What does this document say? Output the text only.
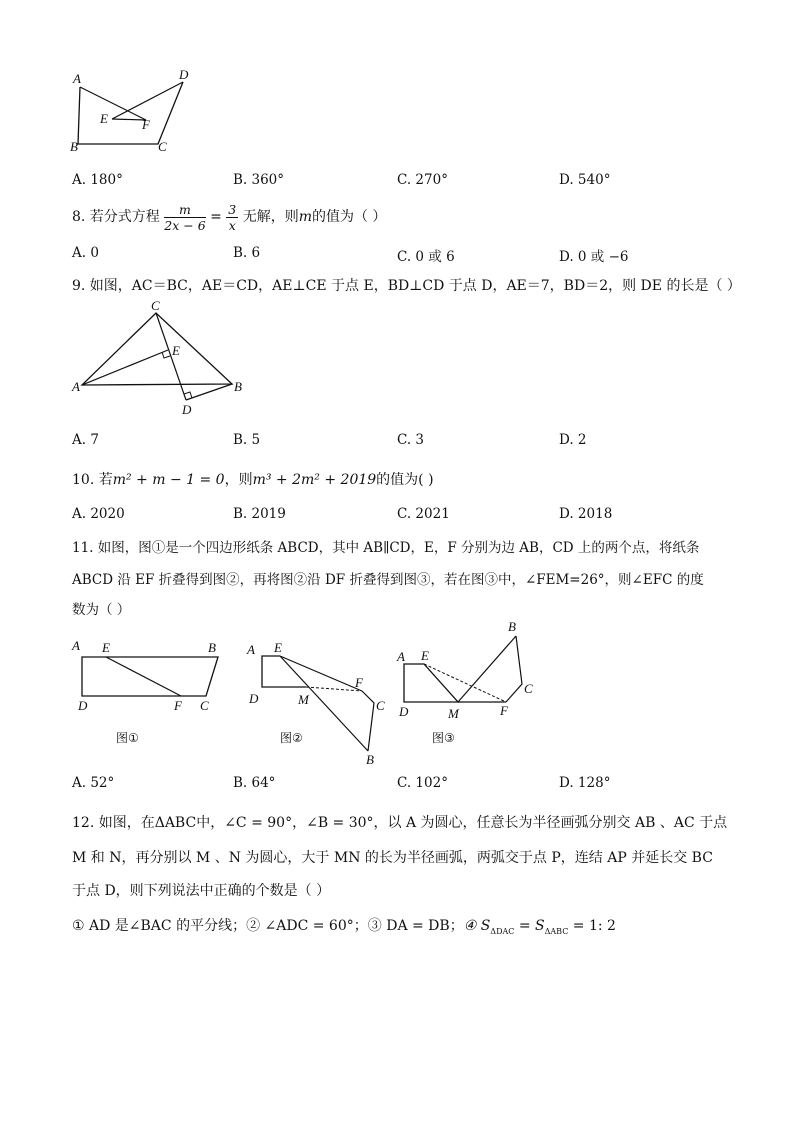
A	D
E	F
B	C
A. 180°	B. 360°	C. 270°	D. 540°
8. 若分式方程 $\frac{m}{2x - 6} = \frac{3}{x}$ 无解，则m的值为（ ）
A. 0	B. 6	C. 0 或 6	D. 0 或 −6
9. 如图，AC＝BC，AE＝CD，AE⊥CE 于点 E，BD⊥CD 于点 D，AE＝7，BD＝2，则 DE 的长是（ ）
C
E
A	B
D
A. 7	B. 5	C. 3	D. 2
10. 若m² + m − 1 = 0，则m³ + 2m² + 2019的值为( )
A. 2020	B. 2019	C. 2021	D. 2018
11. 如图，图①是一个四边形纸条 ABCD，其中 AB∥CD，E，F 分别为边 AB，CD 上的两个点，将纸条
ABCD 沿 EF 折叠得到图②，再将图②沿 DF 折叠得到图③，若在图③中，∠FEM=26°，则∠EFC 的度
数为（ ）
A E	B
D	F C
图①
A E
D	M
F
C
B
图②
A E
B
C
D	M	F
图③
A. 52°	B. 64°	C. 102°	D. 128°
12. 如图，在ΔABC中，∠C = 90°，∠B = 30°，以 A 为圆心，任意长为半径画弧分别交 AB 、AC 于点
M 和 N，再分别以 M 、N 为圆心，大于 MN 的长为半径画弧，两弧交于点 P，连结 AP 并延长交 BC
于点 D，则下列说法中正确的个数是（ ）
① AD 是∠BAC 的平分线；② ∠ADC = 60°；③ DA = DB；④ $S_{\Delta DAC} = S_{\Delta ABC} = 1$: 2
